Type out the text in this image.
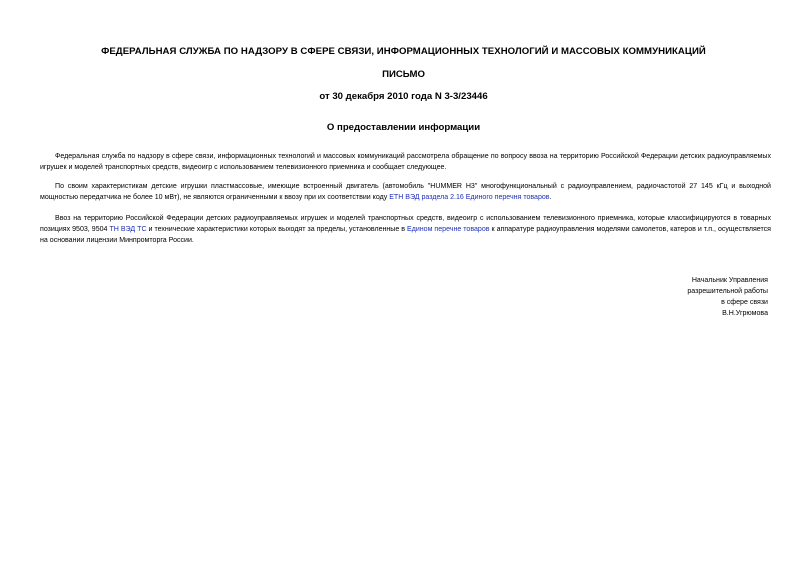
ФЕДЕРАЛЬНАЯ СЛУЖБА ПО НАДЗОРУ В СФЕРЕ СВЯЗИ, ИНФОРМАЦИОННЫХ ТЕХНОЛОГИЙ И МАССОВЫХ КОММУНИКАЦИЙ
ПИСЬМО
от 30 декабря 2010 года N 3-3/23446
О предоставлении информации

Федеральная служба по надзору в сфере связи, информационных технологий и массовых коммуникаций рассмотрела обращение по вопросу ввоза на территорию Российской Федерации детских радиоуправляемых игрушек и моделей транспортных средств, видеоигр с использованием телевизионного приемника и сообщает следующее.

По своим характеристикам детские игрушки пластмассовые, имеющие встроенный двигатель (автомобиль "HUMMER H3" многофункциональный с радиоуправлением, радиочастотой 27 145 кГц и выходной мощностью передатчика не более 10 мВт), не являются ограниченными к ввозу при их соответствии коду ЕТН ВЭД раздела 2.16 Единого перечня товаров.

Ввоз на территорию Российской Федерации детских радиоуправляемых игрушек и моделей транспортных средств, видеоигр с использованием телевизионного приемника, которые классифицируются в товарных позициях 9503, 9504 ТН ВЭД ТС и технические характеристики которых выходят за пределы, установленные в Едином перечне товаров к аппаратуре радиоуправления моделями самолетов, катеров и т.п., осуществляется на основании лицензии Минпромторга России.

Начальник Управления
разрешительной работы
в сфере связи
В.Н.Угрюмова
